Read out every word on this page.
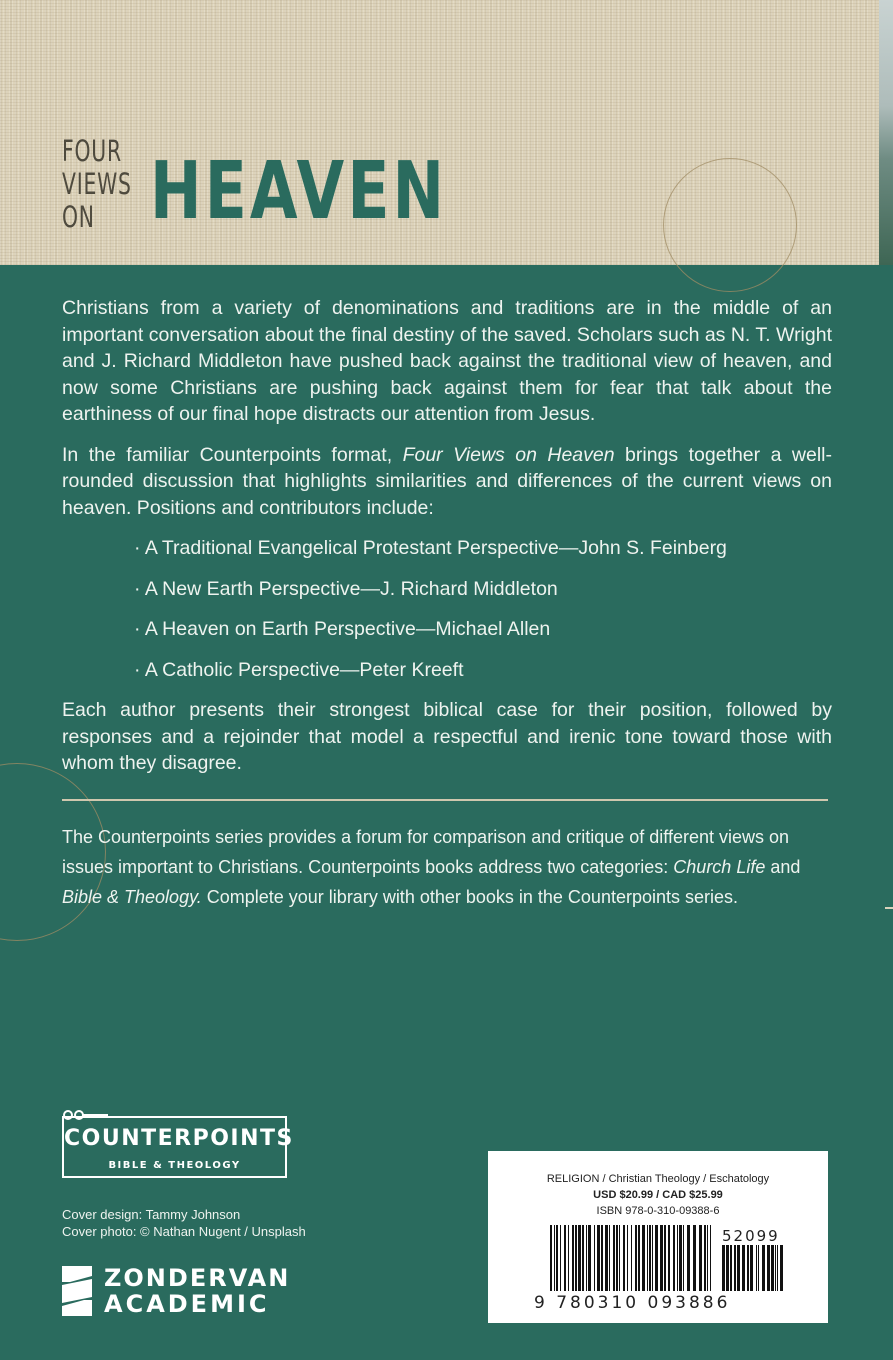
FOUR
VIEWS
ON HEAVEN

Christians from a variety of denominations and traditions are in the middle of an important conversation about the final destiny of the saved. Scholars such as N. T. Wright and J. Richard Middleton have pushed back against the traditional view of heaven, and now some Christians are pushing back against them for fear that talk about the earthiness of our final hope distracts our attention from Jesus.

In the familiar Counterpoints format, Four Views on Heaven brings together a well-rounded discussion that highlights similarities and differences of the current views on heaven. Positions and contributors include:

· A Traditional Evangelical Protestant Perspective—John S. Feinberg
· A New Earth Perspective—J. Richard Middleton
· A Heaven on Earth Perspective—Michael Allen
· A Catholic Perspective—Peter Kreeft

Each author presents their strongest biblical case for their position, followed by responses and a rejoinder that model a respectful and irenic tone toward those with whom they disagree.

The Counterpoints series provides a forum for comparison and critique of different views on issues important to Christians. Counterpoints books address two categories: Church Life and Bible & Theology. Complete your library with other books in the Counterpoints series.
COUNTERPOINTS
BIBLE & THEOLOGY
Cover design: Tammy Johnson
Cover photo: © Nathan Nugent / Unsplash
ZONDERVAN
ACADEMIC
RELIGION / Christian Theology / Eschatology
USD $20.99 / CAD $25.99
ISBN 978-0-310-09388-6
52099
9 780310 093886
